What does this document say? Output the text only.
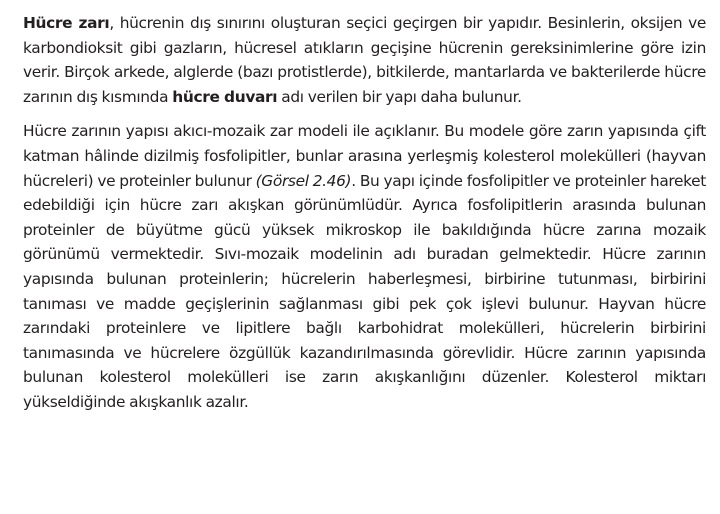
Hücre zarı, hücrenin dış sınırını oluşturan seçici geçirgen bir yapıdır. Besinlerin, oksijen ve karbondioksit gibi gazların, hücresel atıkların geçişine hücrenin gereksinimlerine göre izin verir. Birçok arkede, alglerde (bazı protistlerde), bitkilerde, mantarlarda ve bakterilerde hücre zarının dış kısmında hücre duvarı adı verilen bir yapı daha bulunur.

Hücre zarının yapısı akıcı-mozaik zar modeli ile açıklanır. Bu modele göre zarın yapısında çift katman hâlinde dizilmiş fosfolipitler, bunlar arasına yerleşmiş kolesterol molekülleri (hayvan hücreleri) ve proteinler bulunur (Görsel 2.46). Bu yapı içinde fosfolipitler ve proteinler hareket edebildiği için hücre zarı akışkan görünümlüdür. Ayrıca fosfolipitlerin arasında bulunan proteinler de büyütme gücü yüksek mikroskop ile bakıldığında hücre zarına mozaik görünümü vermektedir. Sıvı-mozaik modelinin adı buradan gelmektedir. Hücre zarının yapısında bulunan proteinlerin; hücrelerin haberleşmesi, birbirine tutunması, birbirini tanıması ve madde geçişlerinin sağlanması gibi pek çok işlevi bulunur. Hayvan hücre zarındaki proteinlere ve lipitlere bağlı karbohidrat molekülleri, hücrelerin birbirini tanımasında ve hücrelere özgüllük kazandırılmasında görevlidir. Hücre zarının yapısında bulunan kolesterol molekülleri ise zarın akışkanlığını düzenler. Kolesterol miktarı yükseldiğinde akışkanlık azalır.
